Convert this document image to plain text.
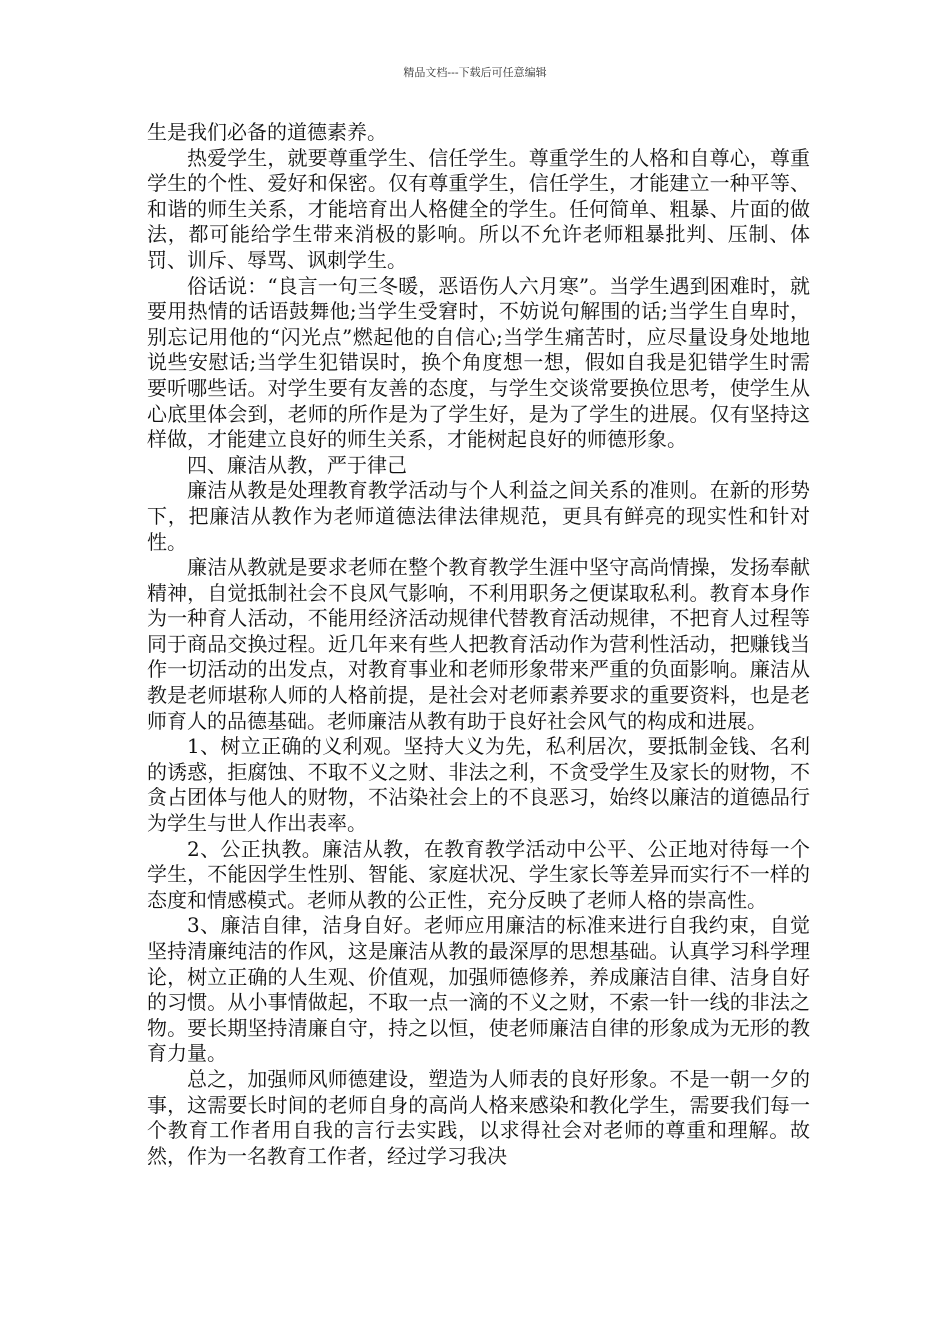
精品文档---下载后可任意编辑

生是我们必备的道德素养。

热爱学生，就要尊重学生、信任学生。尊重学生的人格和自尊心，尊重学生的个性、爱好和保密。仅有尊重学生，信任学生，才能建立一种平等、和谐的师生关系，才能培育出人格健全的学生。任何简单、粗暴、片面的做法，都可能给学生带来消极的影响。所以不允许老师粗暴批判、压制、体罚、训斥、辱骂、讽刺学生。

俗话说：“良言一句三冬暖，恶语伤人六月寒”。当学生遇到困难时，就要用热情的话语鼓舞他;当学生受窘时，不妨说句解围的话;当学生自卑时，别忘记用他的“闪光点”燃起他的自信心;当学生痛苦时，应尽量设身处地地说些安慰话;当学生犯错误时，换个角度想一想，假如自我是犯错学生时需要听哪些话。对学生要有友善的态度，与学生交谈常要换位思考，使学生从心底里体会到，老师的所作是为了学生好，是为了学生的进展。仅有坚持这样做，才能建立良好的师生关系，才能树起良好的师德形象。

四、廉洁从教，严于律己

廉洁从教是处理教育教学活动与个人利益之间关系的准则。在新的形势下，把廉洁从教作为老师道德法律法律规范，更具有鲜亮的现实性和针对性。

廉洁从教就是要求老师在整个教育教学生涯中坚守高尚情操，发扬奉献精神，自觉抵制社会不良风气影响，不利用职务之便谋取私利。教育本身作为一种育人活动，不能用经济活动规律代替教育活动规律，不把育人过程等同于商品交换过程。近几年来有些人把教育活动作为营利性活动，把赚钱当作一切活动的出发点，对教育事业和老师形象带来严重的负面影响。廉洁从教是老师堪称人师的人格前提，是社会对老师素养要求的重要资料，也是老师育人的品德基础。老师廉洁从教有助于良好社会风气的构成和进展。

1、树立正确的义利观。坚持大义为先，私利居次，要抵制金钱、名利的诱惑，拒腐蚀、不取不义之财、非法之利，不贪受学生及家长的财物，不贪占团体与他人的财物，不沾染社会上的不良恶习，始终以廉洁的道德品行为学生与世人作出表率。

2、公正执教。廉洁从教，在教育教学活动中公平、公正地对待每一个学生，不能因学生性别、智能、家庭状况、学生家长等差异而实行不一样的态度和情感模式。老师从教的公正性，充分反映了老师人格的崇高性。

3、廉洁自律，洁身自好。老师应用廉洁的标准来进行自我约束，自觉坚持清廉纯洁的作风，这是廉洁从教的最深厚的思想基础。认真学习科学理论，树立正确的人生观、价值观，加强师德修养，养成廉洁自律、洁身自好的习惯。从小事情做起，不取一点一滴的不义之财，不索一针一线的非法之物。要长期坚持清廉自守，持之以恒，使老师廉洁自律的形象成为无形的教育力量。

总之，加强师风师德建设，塑造为人师表的良好形象。不是一朝一夕的事，这需要长时间的老师自身的高尚人格来感染和教化学生，需要我们每一个教育工作者用自我的言行去实践，以求得社会对老师的尊重和理解。故然，作为一名教育工作者，经过学习我决
